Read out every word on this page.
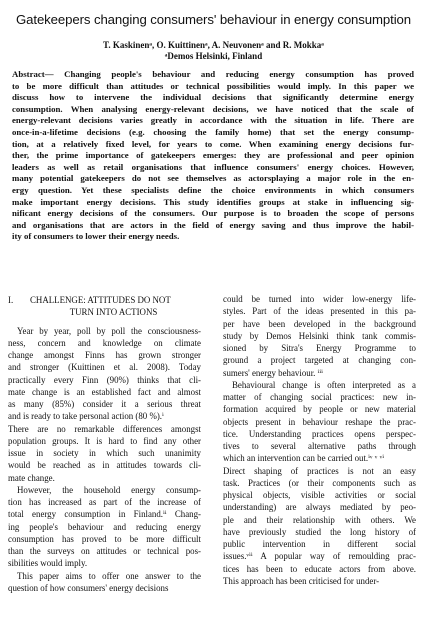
Gatekeepers changing consumers' behaviour in energy consumption
T. Kaskinenᵃ, O. Kuittinenᵃ, A. Neuvonenᵃ and R. Mokkaᵃ
ᵃDemos Helsinki, Finland
Abstract— Changing people's behaviour and reducing energy consumption has proved
to be more difficult than attitudes or technical possibilities would imply. In this paper we
discuss how to intervene the individual decisions that significantly determine energy
consumption. When analysing energy-relevant decisions, we have noticed that the scale of
energy-relevant decisions varies greatly in accordance with the situation in life. There are
once-in-a-lifetime decisions (e.g. choosing the family home) that set the energy consump-
tion, at a relatively fixed level, for years to come. When examining energy decisions fur-
ther, the prime importance of gatekeepers emerges: they are professional and peer opinion
leaders as well as retail organisations that influence consumers' energy choices. However,
many potential gatekeepers do not see themselves as actorsplaying a major role in the en-
ergy question. Yet these specialists define the choice environments in which consumers
make important energy decisions. This study identifies groups at stake in influencing sig-
nificant energy decisions of the consumers. Our purpose is to broaden the scope of persons
and organisations that are actors in the field of energy saving and thus improve the habil-
ity of consumers to lower their energy needs.
I. CHALLENGE: ATTITUDES DO NOT
TURN INTO ACTIONS
Year by year, poll by poll the consciousness-
ness, concern and knowledge on climate
change amongst Finns has grown stronger
and stronger (Kuittinen et al. 2008). Today
practically every Finn (90%) thinks that cli-
mate change is an established fact and almost
as many (85%) consider it a serious threat
and is ready to take personal action (80 %).ⁱ
There are no remarkable differences amongst
population groups. It is hard to find any other
issue in society in which such unanimity
would be reached as in attitudes towards cli-
mate change.
However, the household energy consump-
tion has increased as part of the increase of
total energy consumption in Finland.ⁱⁱ Chang-
ing people's behaviour and reducing energy
consumption has proved to be more difficult
than the surveys on attitudes or technical pos-
sibilities would imply.
This paper aims to offer one answer to the
question of how consumers' energy decisions
could be turned into wider low-energy life-
styles. Part of the ideas presented in this pa-
per have been developed in the background
study by Demos Helsinki think tank commis-
sioned by Sitra's Energy Programme to
ground a project targeted at changing con-
sumers' energy behaviour. ⁱⁱⁱ
Behavioural change is often interpreted as a
matter of changing social practices: new in-
formation acquired by people or new material
objects present in behaviour reshape the prac-
tice. Understanding practices opens perspec-
tives to several alternative paths through
which an intervention can be carried out.ⁱᵛ ᵛ ᵛⁱ
Direct shaping of practices is not an easy
task. Practices (or their components such as
physical objects, visible activities or social
understanding) are always mediated by peo-
ple and their relationship with others. We
have previously studied the long history of
public intervention in different social
issues.ᵛⁱⁱ A popular way of remoulding prac-
tices has been to educate actors from above.
This approach has been criticised for under-
